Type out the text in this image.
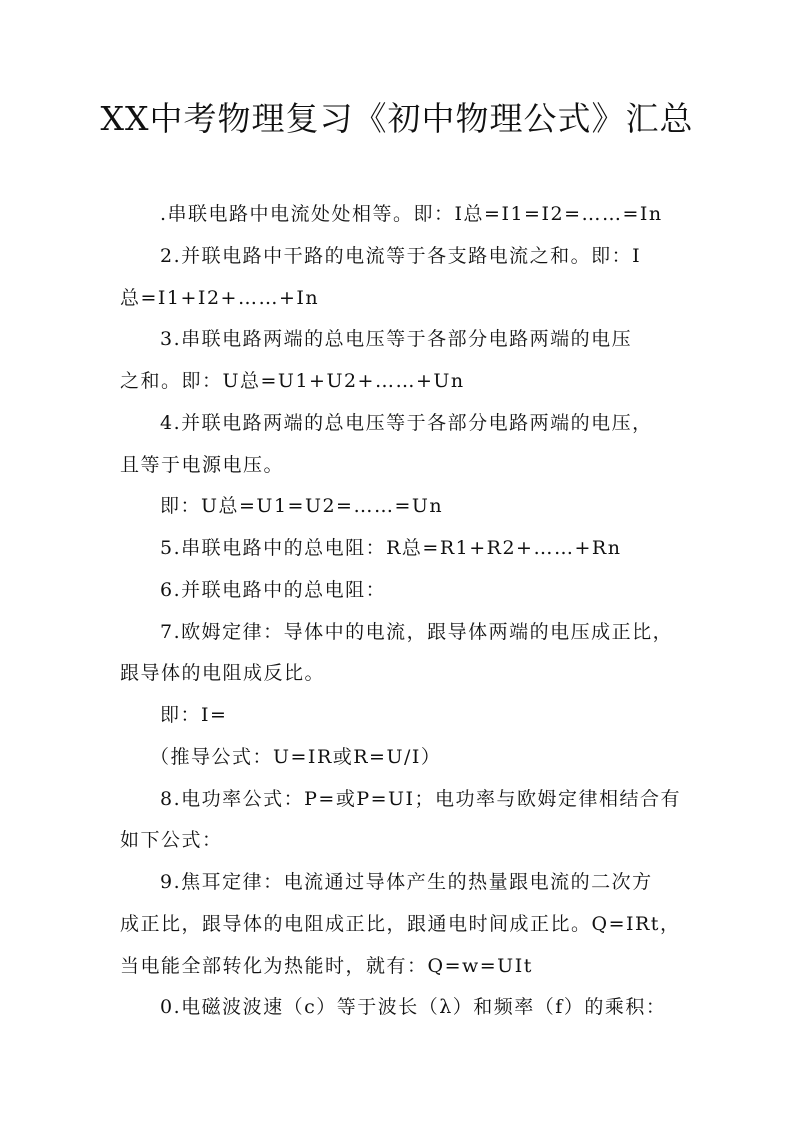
XX中考物理复习《初中物理公式》汇总
.串联电路中电流处处相等。即：I总=I1=I2=……=In
2.并联电路中干路的电流等于各支路电流之和。即：I
总=I1+I2+……+In
3.串联电路两端的总电压等于各部分电路两端的电压
之和。即：U总=U1+U2+……+Un
4.并联电路两端的总电压等于各部分电路两端的电压，
且等于电源电压。
即：U总=U1=U2=……=Un
5.串联电路中的总电阻：R总=R1+R2+……+Rn
6.并联电路中的总电阻：
7.欧姆定律：导体中的电流，跟导体两端的电压成正比，
跟导体的电阻成反比。
即：I=
（推导公式：U=IR或R=U/I）
8.电功率公式：P=或P=UI；电功率与欧姆定律相结合有
如下公式：
9.焦耳定律：电流通过导体产生的热量跟电流的二次方
成正比，跟导体的电阻成正比，跟通电时间成正比。Q=IRt，
当电能全部转化为热能时，就有：Q=w=UIt
0.电磁波波速（c）等于波长（λ）和频率（f）的乘积：
